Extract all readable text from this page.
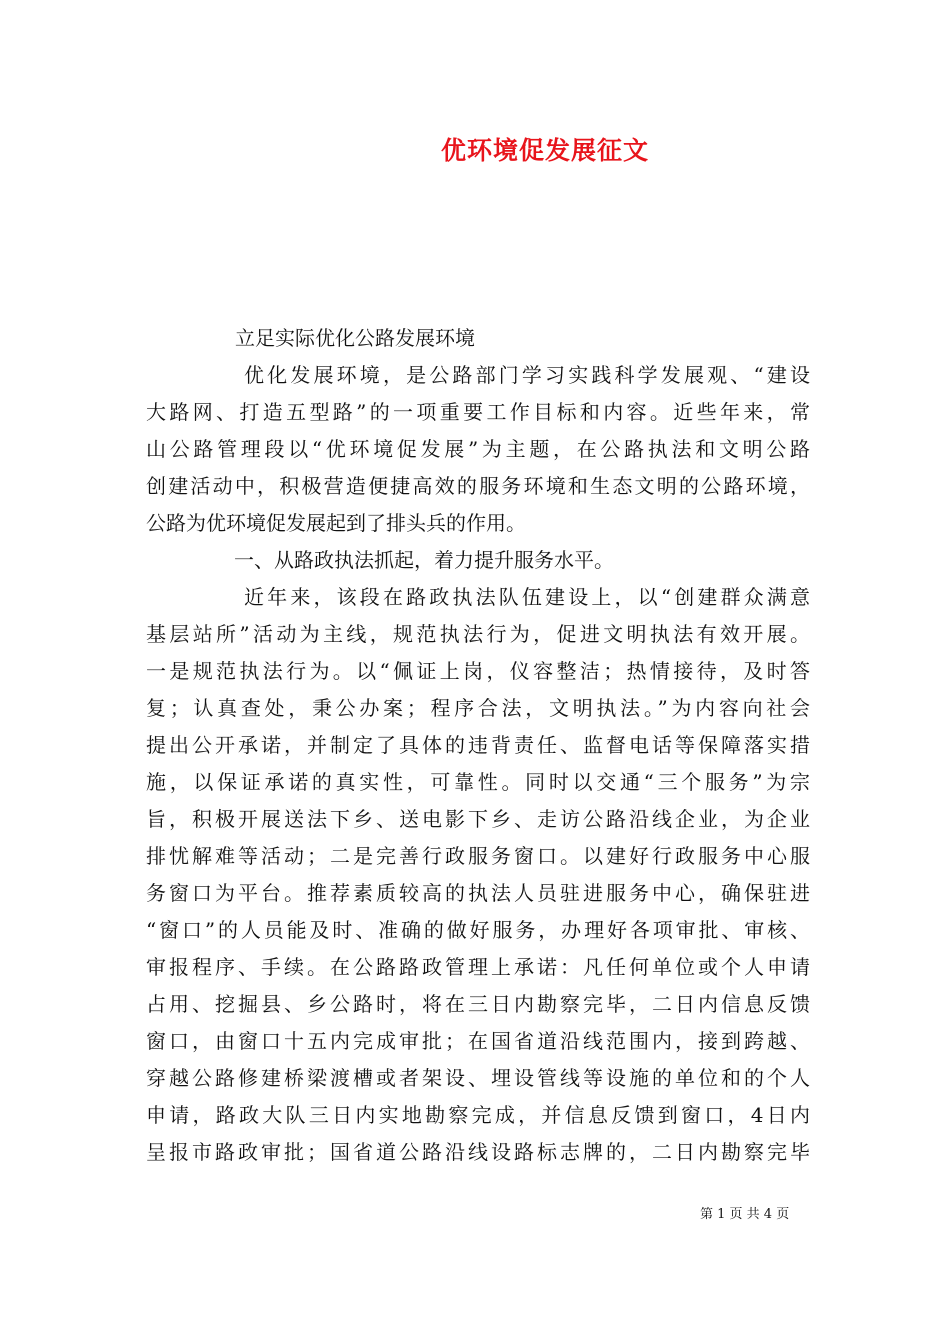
优环境促发展征文
立足实际优化公路发展环境
优化发展环境，是公路部门学习实践科学发展观、“建设
大路网、打造五型路”的一项重要工作目标和内容。近些年来，常
山公路管理段以“优环境促发展”为主题，在公路执法和文明公路
创建活动中，积极营造便捷高效的服务环境和生态文明的公路环境，
公路为优环境促发展起到了排头兵的作用。
一、从路政执法抓起，着力提升服务水平。
近年来，该段在路政执法队伍建设上，以“创建群众满意
基层站所”活动为主线，规范执法行为，促进文明执法有效开展。
一是规范执法行为。以“佩证上岗，仪容整洁；热情接待，及时答
复；认真查处，秉公办案；程序合法，文明执法。”为内容向社会
提出公开承诺，并制定了具体的违背责任、监督电话等保障落实措
施，以保证承诺的真实性，可靠性。同时以交通“三个服务”为宗
旨，积极开展送法下乡、送电影下乡、走访公路沿线企业，为企业
排忧解难等活动；二是完善行政服务窗口。以建好行政服务中心服
务窗口为平台。推荐素质较高的执法人员驻进服务中心，确保驻进
“窗口”的人员能及时、准确的做好服务，办理好各项审批、审核、
审报程序、手续。在公路路政管理上承诺：凡任何单位或个人申请
占用、挖掘县、乡公路时，将在三日内勘察完毕，二日内信息反馈
窗口，由窗口十五内完成审批；在国省道沿线范围内，接到跨越、
穿越公路修建桥梁渡槽或者架设、埋设管线等设施的单位和的个人
申请，路政大队三日内实地勘察完成，并信息反馈到窗口，4日内
呈报市路政审批；国省道公路沿线设路标志牌的，二日内勘察完毕
第 1 页 共 4 页
